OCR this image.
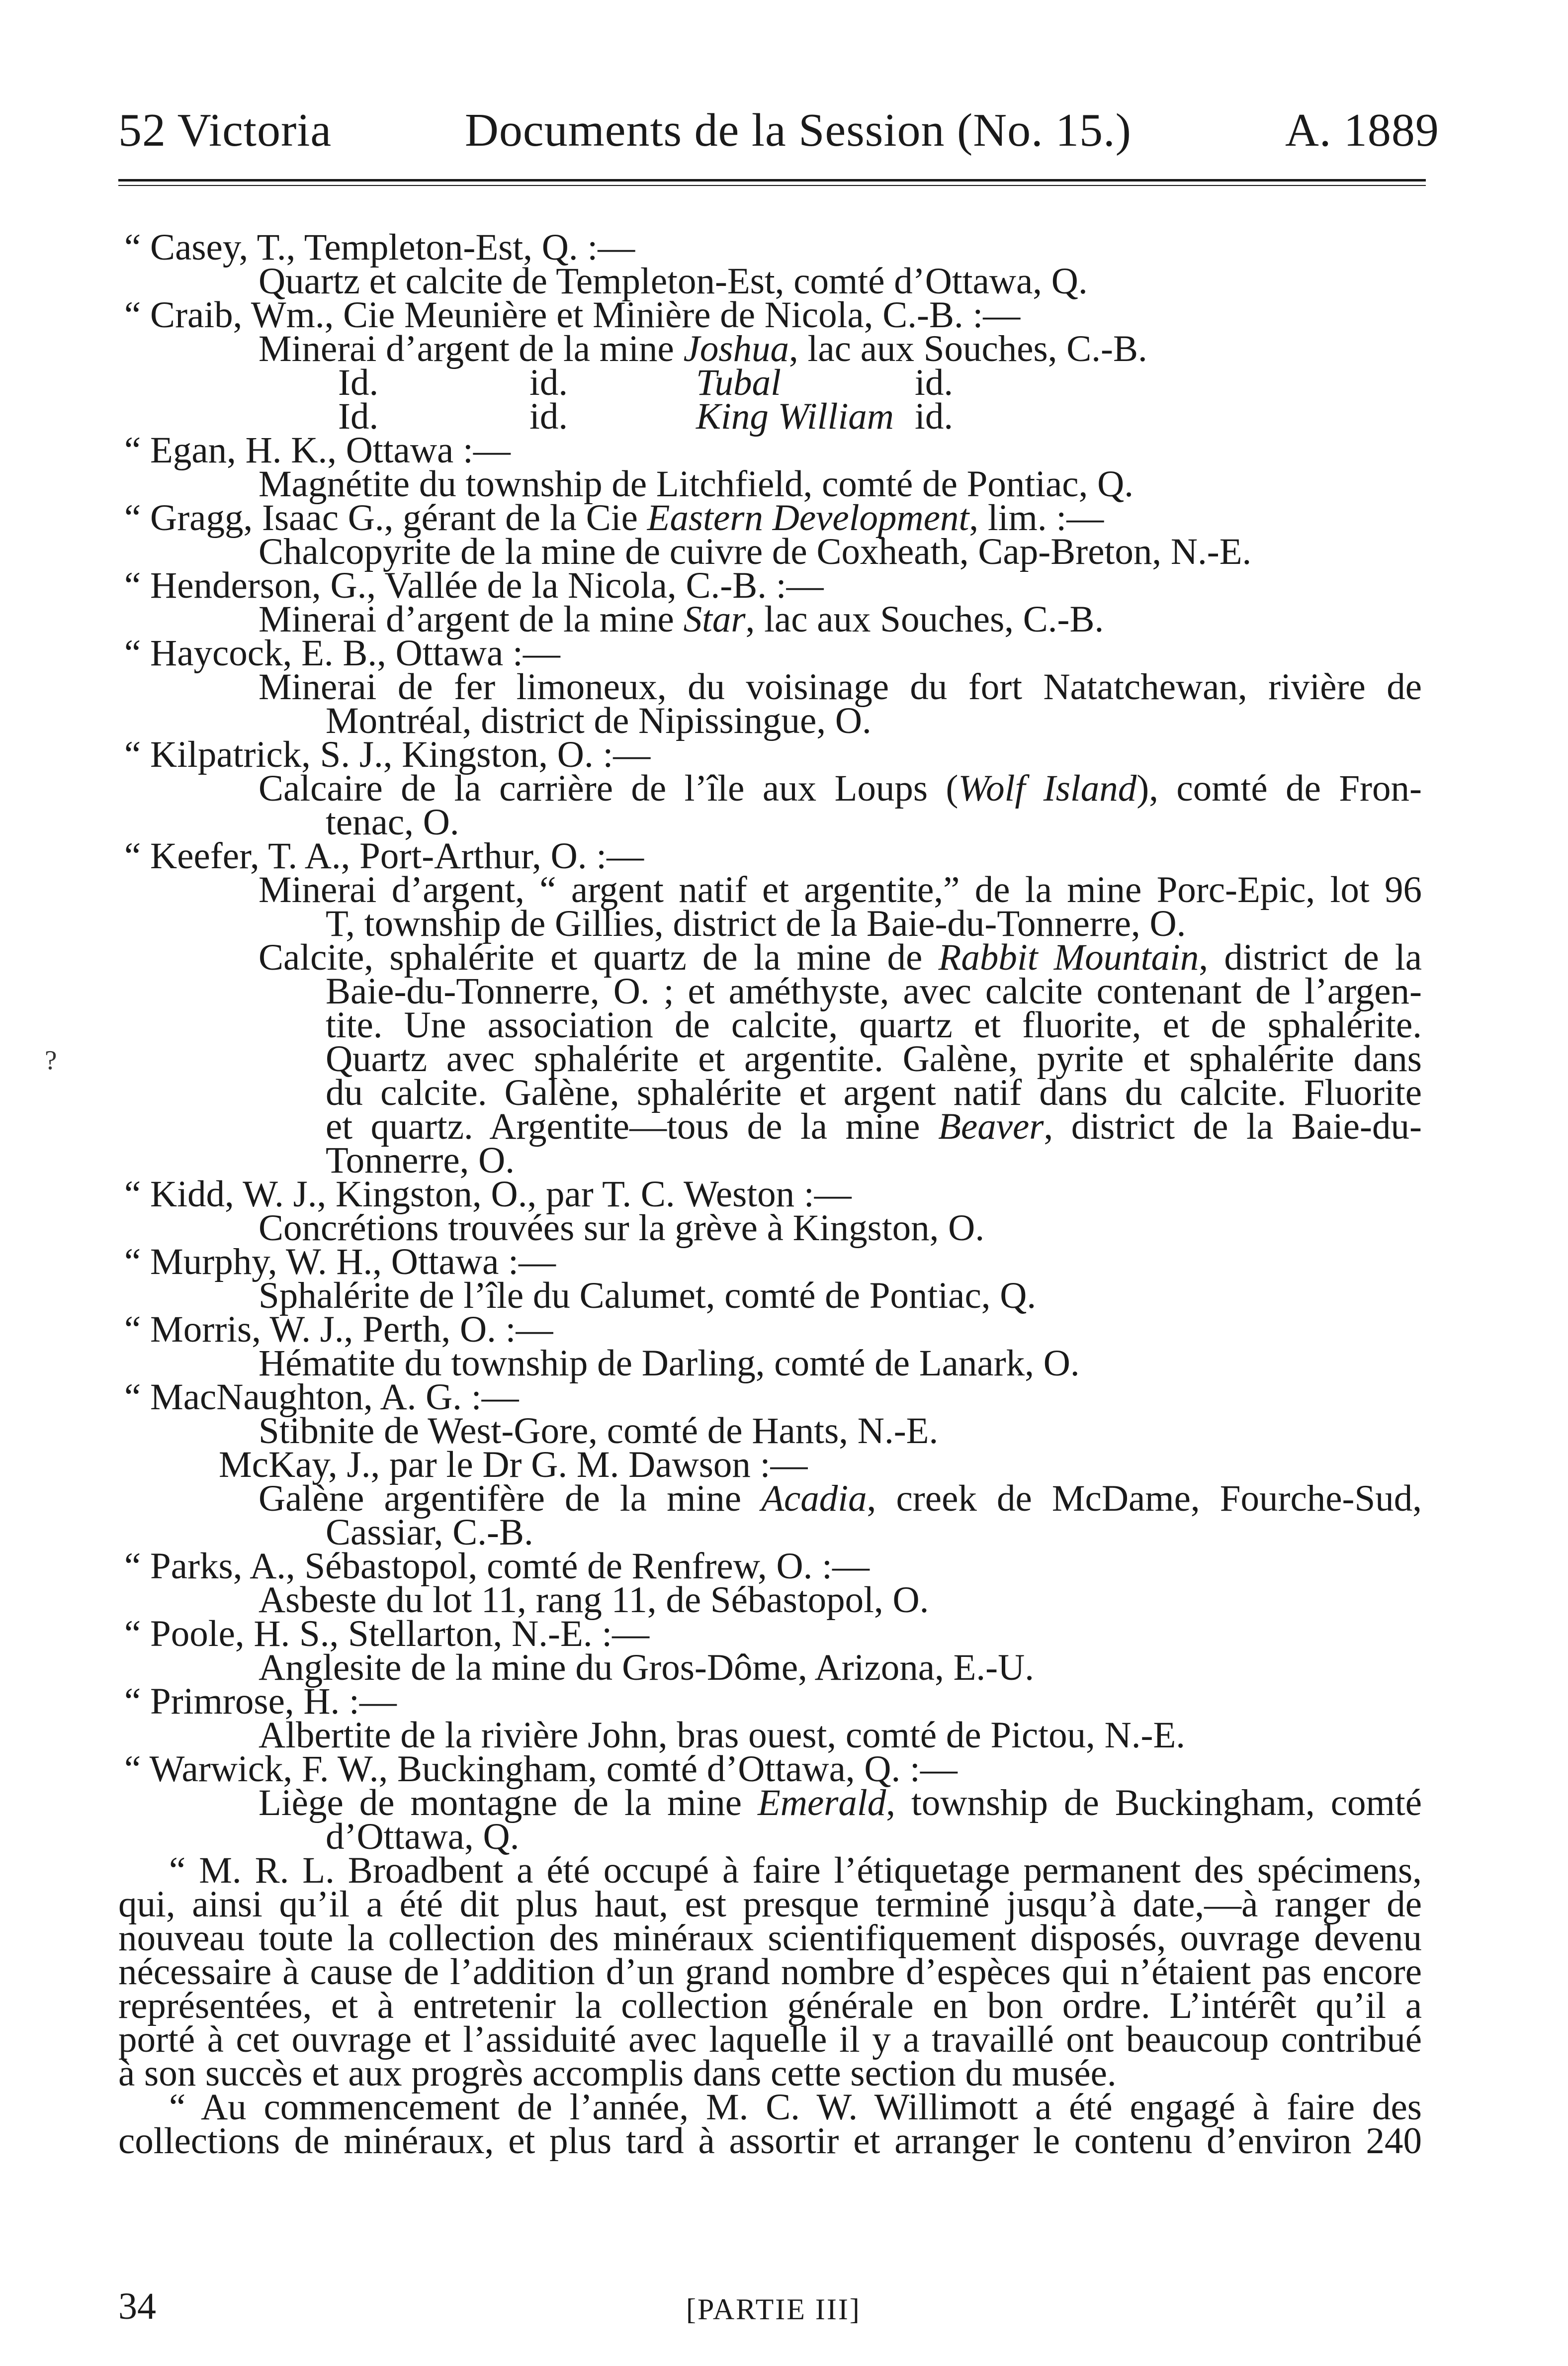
52 Victoria	Documents de la Session (No. 15.)	A. 1889
“ Casey, T., Templeton-Est, Q. :—
Quartz et calcite de Templeton-Est, comté d’Ottawa, Q.
“ Craib, Wm., Cie Meunière et Minière de Nicola, C.-B. :—
Minerai d’argent de la mine Joshua, lac aux Souches, C.-B.
Id.	id.	Tubal	id.
Id.	id.	King William id.
“ Egan, H. K., Ottawa :—
Magnétite du township de Litchfield, comté de Pontiac, Q.
“ Gragg, Isaac G., gérant de la Cie Eastern Development, lim. :—
Chalcopyrite de la mine de cuivre de Coxheath, Cap-Breton, N.-E.
“ Henderson, G., Vallée de la Nicola, C.-B. :—
Minerai d’argent de la mine Star, lac aux Souches, C.-B.
“ Haycock, E. B., Ottawa :—
Minerai de fer limoneux, du voisinage du fort Natatchewan, rivière de
Montréal, district de Nipissingue, O.
“ Kilpatrick, S. J., Kingston, O. :—
Calcaire de la carrière de l’île aux Loups (Wolf Island), comté de Fron-
tenac, O.
“ Keefer, T. A., Port-Arthur, O. :—
Minerai d’argent, “ argent natif et argentite,” de la mine Porc-Epic, lot 96
T, township de Gillies, district de la Baie-du-Tonnerre, O.
Calcite, sphalérite et quartz de la mine de Rabbit Mountain, district de la
Baie-du-Tonnerre, O. ; et améthyste, avec calcite contenant de l’argen-
tite. Une association de calcite, quartz et fluorite, et de sphalérite.
Quartz avec sphalérite et argentite. Galène, pyrite et sphalérite dans
du calcite. Galène, sphalérite et argent natif dans du calcite. Fluorite
et quartz. Argentite—tous de la mine Beaver, district de la Baie-du-
Tonnerre, O.
“ Kidd, W. J., Kingston, O., par T. C. Weston :—
Concrétions trouvées sur la grève à Kingston, O.
“ Murphy, W. H., Ottawa :—
Sphalérite de l’île du Calumet, comté de Pontiac, Q.
“ Morris, W. J., Perth, O. :—
Hématite du township de Darling, comté de Lanark, O.
“ MacNaughton, A. G. :—
Stibnite de West-Gore, comté de Hants, N.-E.
McKay, J., par le Dr G. M. Dawson :—
Galène argentifère de la mine Acadia, creek de McDame, Fourche-Sud,
Cassiar, C.-B.
“ Parks, A., Sébastopol, comté de Renfrew, O. :—
Asbeste du lot 11, rang 11, de Sébastopol, O.
“ Poole, H. S., Stellarton, N.-E. :—
Anglesite de la mine du Gros-Dôme, Arizona, E.-U.
“ Primrose, H. :—
Albertite de la rivière John, bras ouest, comté de Pictou, N.-E.
“ Warwick, F. W., Buckingham, comté d’Ottawa, Q. :—
Liège de montagne de la mine Emerald, township de Buckingham, comté
d’Ottawa, Q.
“ M. R. L. Broadbent a été occupé à faire l’étiquetage permanent des spécimens,
qui, ainsi qu’il a été dit plus haut, est presque terminé jusqu’à date,—à ranger de
nouveau toute la collection des minéraux scientifiquement disposés, ouvrage devenu
nécessaire à cause de l’addition d’un grand nombre d’espèces qui n’étaient pas encore
représentées, et à entretenir la collection générale en bon ordre. L’intérêt qu’il a
porté à cet ouvrage et l’assiduité avec laquelle il y a travaillé ont beaucoup contribué
à son succès et aux progrès accomplis dans cette section du musée.
“ Au commencement de l’année, M. C. W. Willimott a été engagé à faire des
collections de minéraux, et plus tard à assortir et arranger le contenu d’environ 240
?
34	[PARTIE III]
